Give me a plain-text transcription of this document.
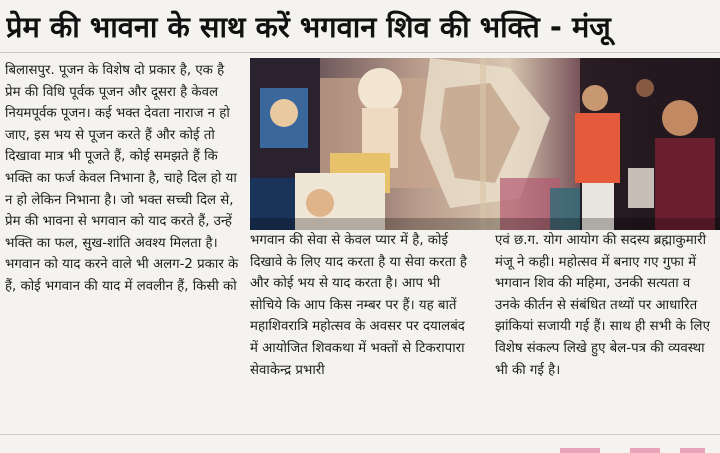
प्रेम की भावना के साथ करें भगवान शिव की भक्ति - मंजू
बिलासपुर. पूजन के विशेष दो प्रकार है, एक है प्रेम की विधि पूर्वक पूजन और दूसरा है केवल नियमपूर्वक पूजन। कई भक्त देवता नाराज न हो जाए, इस भय से पूजन करते हैं और कोई तो दिखावा मात्र भी पूजते हैं, कोई समझते हैं कि भक्ति का फर्ज केवल निभाना है, चाहे दिल हो या न हो लेकिन निभाना है। जो भक्त सच्ची दिल से, प्रेम की भावना से भगवान को याद करते हैं, उन्हें भक्ति का फल, सुख-शांति अवश्य मिलता है। भगवान को याद करने वाले भी अलग-2 प्रकार के हैं, कोई भगवान की याद में लवलीन हैं, किसी को
भगवान की सेवा से केवल प्यार में है, कोई दिखावे के लिए याद करता है या सेवा करता है और कोई भय से याद करता है। आप भी सोचिये कि आप किस नम्बर पर हैं। यह बातें महाशिवरात्रि महोत्सव के अवसर पर दयालबंद में आयोजित शिवकथा में भक्तों से टिकरापारा सेवाकेन्द्र प्रभारी
एवं छ.ग. योग आयोग की सदस्य ब्रह्माकुमारी मंजू ने कही। महोत्सव में बनाए गए गुफा में भगवान शिव की महिमा, उनकी सत्यता व उनके कीर्तन से संबंधित तथ्यों पर आधारित झांकियां सजायी गई हैं। साथ ही सभी के लिए विशेष संकल्प लिखे हुए बेल-पत्र की व्यवस्था भी की गई है।
